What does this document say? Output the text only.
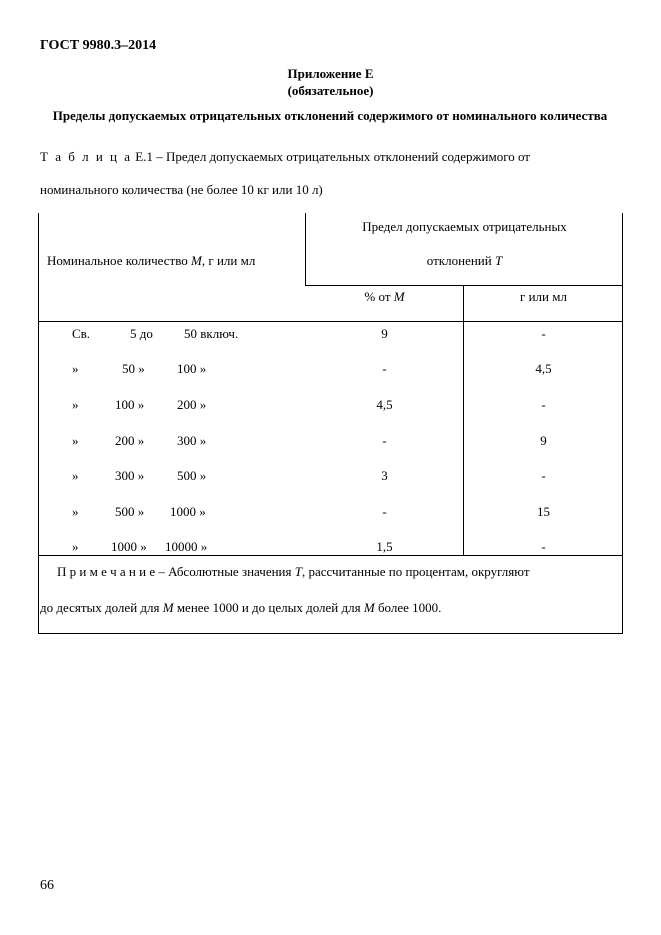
ГОСТ 9980.3–2014
Приложение Е
(обязательное)
Пределы допускаемых отрицательных отклонений содержимого от номинального количества
Т а б л и ц а Е.1 – Предел допускаемых отрицательных отклонений содержимого от
номинального количества (не более 10 кг или 10 л)
Номинальное количество M, г или мл
Предел допускаемых отрицательных
отклонений T
% от M	г или мл
Св.	5 до 50 включ.	9	-
»	50 » 100 »	-	4,5
»	100 »	200 »	4,5	-
»	200 »	300 »	-	9
»	300 »	500 »	3	-
»	500 » 1000 »	-	15
»	1000 » 10000 »	1,5	-
П р и м е ч а н и е – Абсолютные значения T, рассчитанные по процентам, округляют
до десятых долей для M менее 1000 и до целых долей для M более 1000.
66
